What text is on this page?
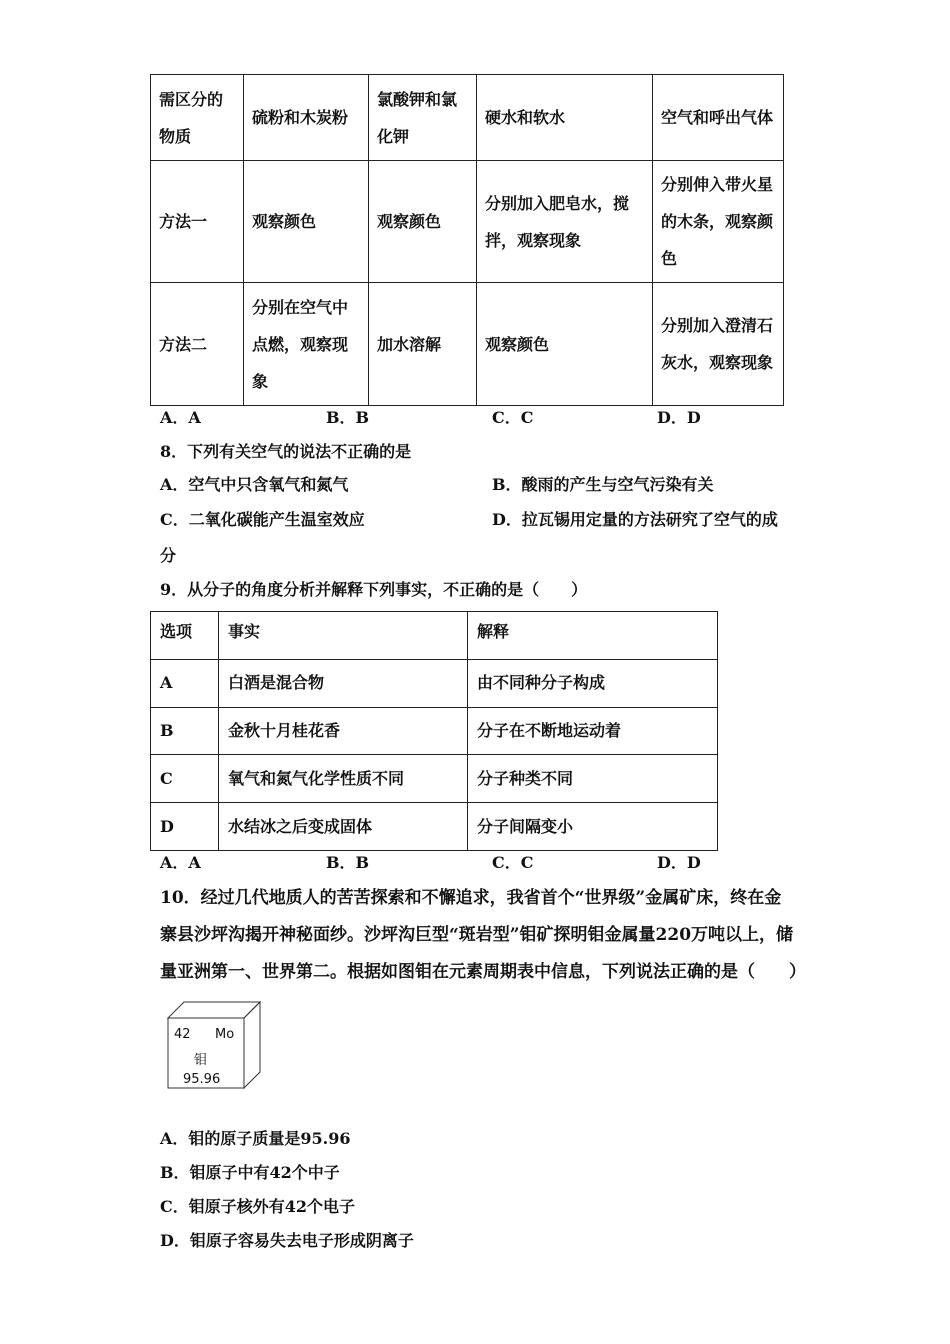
需区分的物质	硫粉和木炭粉	氯酸钾和氯化钾	硬水和软水	空气和呼出气体
方法一	观察颜色	观察颜色	分别加入肥皂水，搅拌，观察现象	分别伸入带火星的木条，观察颜色
方法二	分别在空气中点燃，观察现象	加水溶解	观察颜色	分别加入澄清石灰水，观察现象
A．A	B．B	C．C	D．D
8．下列有关空气的说法不正确的是
A．空气中只含氧气和氮气	B．酸雨的产生与空气污染有关
C．二氧化碳能产生温室效应	D．拉瓦锡用定量的方法研究了空气的成
分
9．从分子的角度分析并解释下列事实，不正确的是（　　）
选项	事实	解释
A	白酒是混合物	由不同种分子构成
B	金秋十月桂花香	分子在不断地运动着
C	氧气和氮气化学性质不同	分子种类不同
D	水结冰之后变成固体	分子间隔变小
A．A	B．B	C．C	D．D
10．经过几代地质人的苦苦探索和不懈追求，我省首个“世界级”金属矿床，终在金
寨县沙坪沟揭开神秘面纱。沙坪沟巨型“斑岩型”钼矿探明钼金属量220万吨以上，储
量亚洲第一、世界第二。根据如图钼在元素周期表中信息，下列说法正确的是（　　）
42 Mo
钼
95.96
A．钼的原子质量是95.96
B．钼原子中有42个中子
C．钼原子核外有42个电子
D．钼原子容易失去电子形成阴离子
